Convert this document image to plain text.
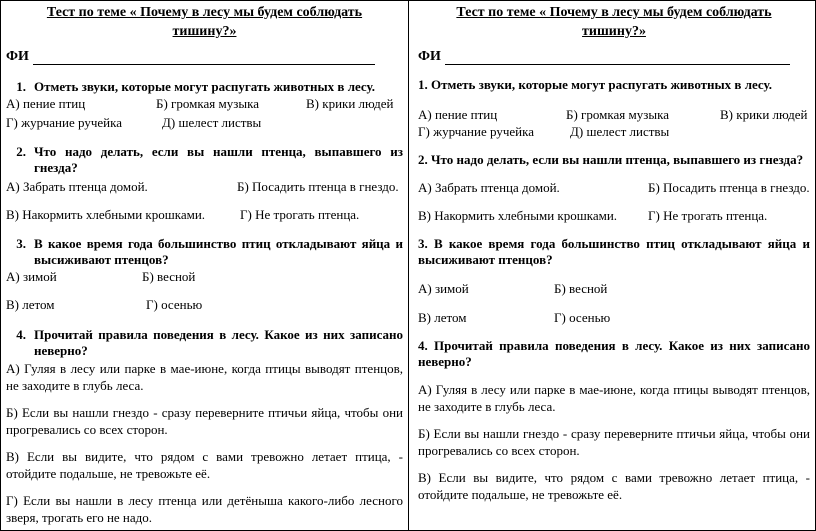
Тест по теме « Почему в лесу мы будем соблюдать
тишину?»
ФИ
1. Отметь звуки, которые могут распугать животных в лесу.
А) пение птиц	Б) громкая музыка	В) крики людей
Г) журчание ручейка	Д) шелест листвы
2. Что надо делать, если вы нашли птенца, выпавшего из гнезда?
А) Забрать птенца домой.	Б) Посадить птенца в гнездо.
В) Накормить хлебными крошками.	Г) Не трогать птенца.
3. В какое время года большинство птиц откладывают яйца и высиживают птенцов?
А) зимой	Б) весной
В) летом	Г) осенью
4. Прочитай правила поведения в лесу. Какое из них записано неверно?

А) Гуляя в лесу или парке в мае-июне, когда птицы выводят птенцов, не заходите в глубь леса.

Б) Если вы нашли гнездо - сразу переверните птичьи яйца, чтобы они прогревались со всех сторон.

В) Если вы видите, что рядом с вами тревожно летает птица, - отойдите подальше, не тревожьте её.

Г) Если вы нашли в лесу птенца или детёныша какого-либо лесного зверя, трогать его не надо.

Тест по теме « Почему в лесу мы будем соблюдать
тишину?»
ФИ

1. Отметь звуки, которые могут распугать животных в лесу.

А) пение птиц	Б) громкая музыка	В) крики людей
Г) журчание ручейка	Д) шелест листвы

2. Что надо делать, если вы нашли птенца, выпавшего из гнезда?

А) Забрать птенца домой.	Б) Посадить птенца в гнездо.
В) Накормить хлебными крошками.	Г) Не трогать птенца.

3. В какое время года большинство птиц откладывают яйца и высиживают птенцов?

А) зимой	Б) весной
В) летом	Г) осенью

4. Прочитай правила поведения в лесу. Какое из них записано неверно?

А) Гуляя в лесу или парке в мае-июне, когда птицы выводят птенцов, не заходите в глубь леса.

Б) Если вы нашли гнездо - сразу переверните птичьи яйца, чтобы они прогревались со всех сторон.

В) Если вы видите, что рядом с вами тревожно летает птица, - отойдите подальше, не тревожьте её.
